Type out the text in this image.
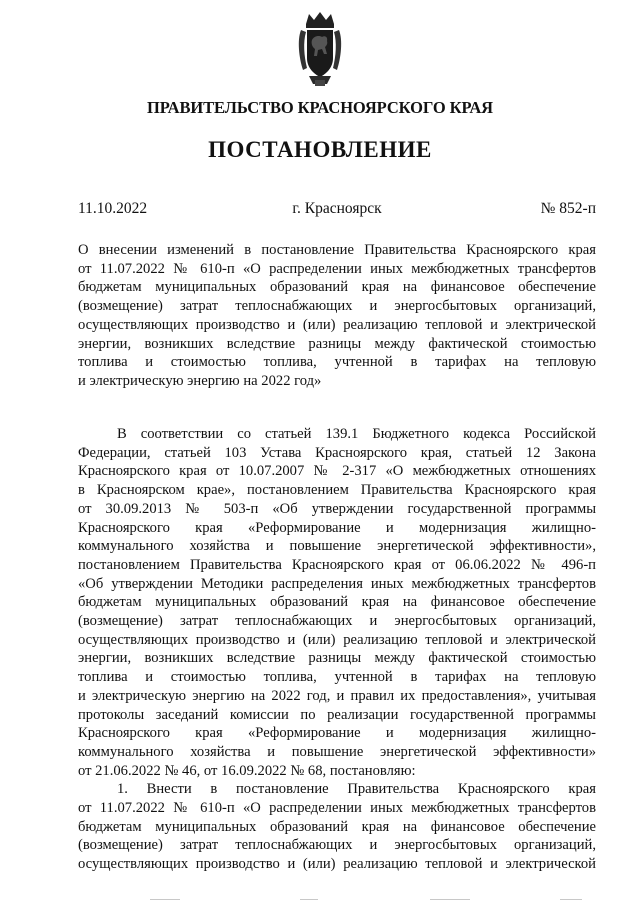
ПРАВИТЕЛЬСТВО КРАСНОЯРСКОГО КРАЯ
ПОСТАНОВЛЕНИЕ
11.10.2022	г. Красноярск	№ 852-п
О внесении изменений в постановление Правительства Красноярского края
от 11.07.2022 № 610-п «О распределении иных межбюджетных трансфертов
бюджетам муниципальных образований края на финансовое обеспечение
(возмещение) затрат теплоснабжающих и энергосбытовых организаций,
осуществляющих производство и (или) реализацию тепловой и электрической
энергии, возникших вследствие разницы между фактической стоимостью
топлива и стоимостью топлива, учтенной в тарифах на тепловую
и электрическую энергию на 2022 год»
В соответствии со статьей 139.1 Бюджетного кодекса Российской
Федерации, статьей 103 Устава Красноярского края, статьей 12 Закона
Красноярского края от 10.07.2007 № 2-317 «О межбюджетных отношениях
в Красноярском крае», постановлением Правительства Красноярского края
от 30.09.2013 № 503-п «Об утверждении государственной программы
Красноярского края «Реформирование и модернизация жилищно-
коммунального хозяйства и повышение энергетической эффективности»,
постановлением Правительства Красноярского края от 06.06.2022 № 496-п
«Об утверждении Методики распределения иных межбюджетных трансфертов
бюджетам муниципальных образований края на финансовое обеспечение
(возмещение) затрат теплоснабжающих и энергосбытовых организаций,
осуществляющих производство и (или) реализацию тепловой и электрической
энергии, возникших вследствие разницы между фактической стоимостью
топлива и стоимостью топлива, учтенной в тарифах на тепловую
и электрическую энергию на 2022 год, и правил их предоставления», учитывая
протоколы заседаний комиссии по реализации государственной программы
Красноярского края «Реформирование и модернизация жилищно-
коммунального хозяйства и повышение энергетической эффективности»
от 21.06.2022 № 46, от 16.09.2022 № 68, постановляю:
1. Внести в постановление Правительства Красноярского края
от 11.07.2022 № 610-п «О распределении иных межбюджетных трансфертов
бюджетам муниципальных образований края на финансовое обеспечение
(возмещение) затрат теплоснабжающих и энергосбытовых организаций,
осуществляющих производство и (или) реализацию тепловой и электрической
